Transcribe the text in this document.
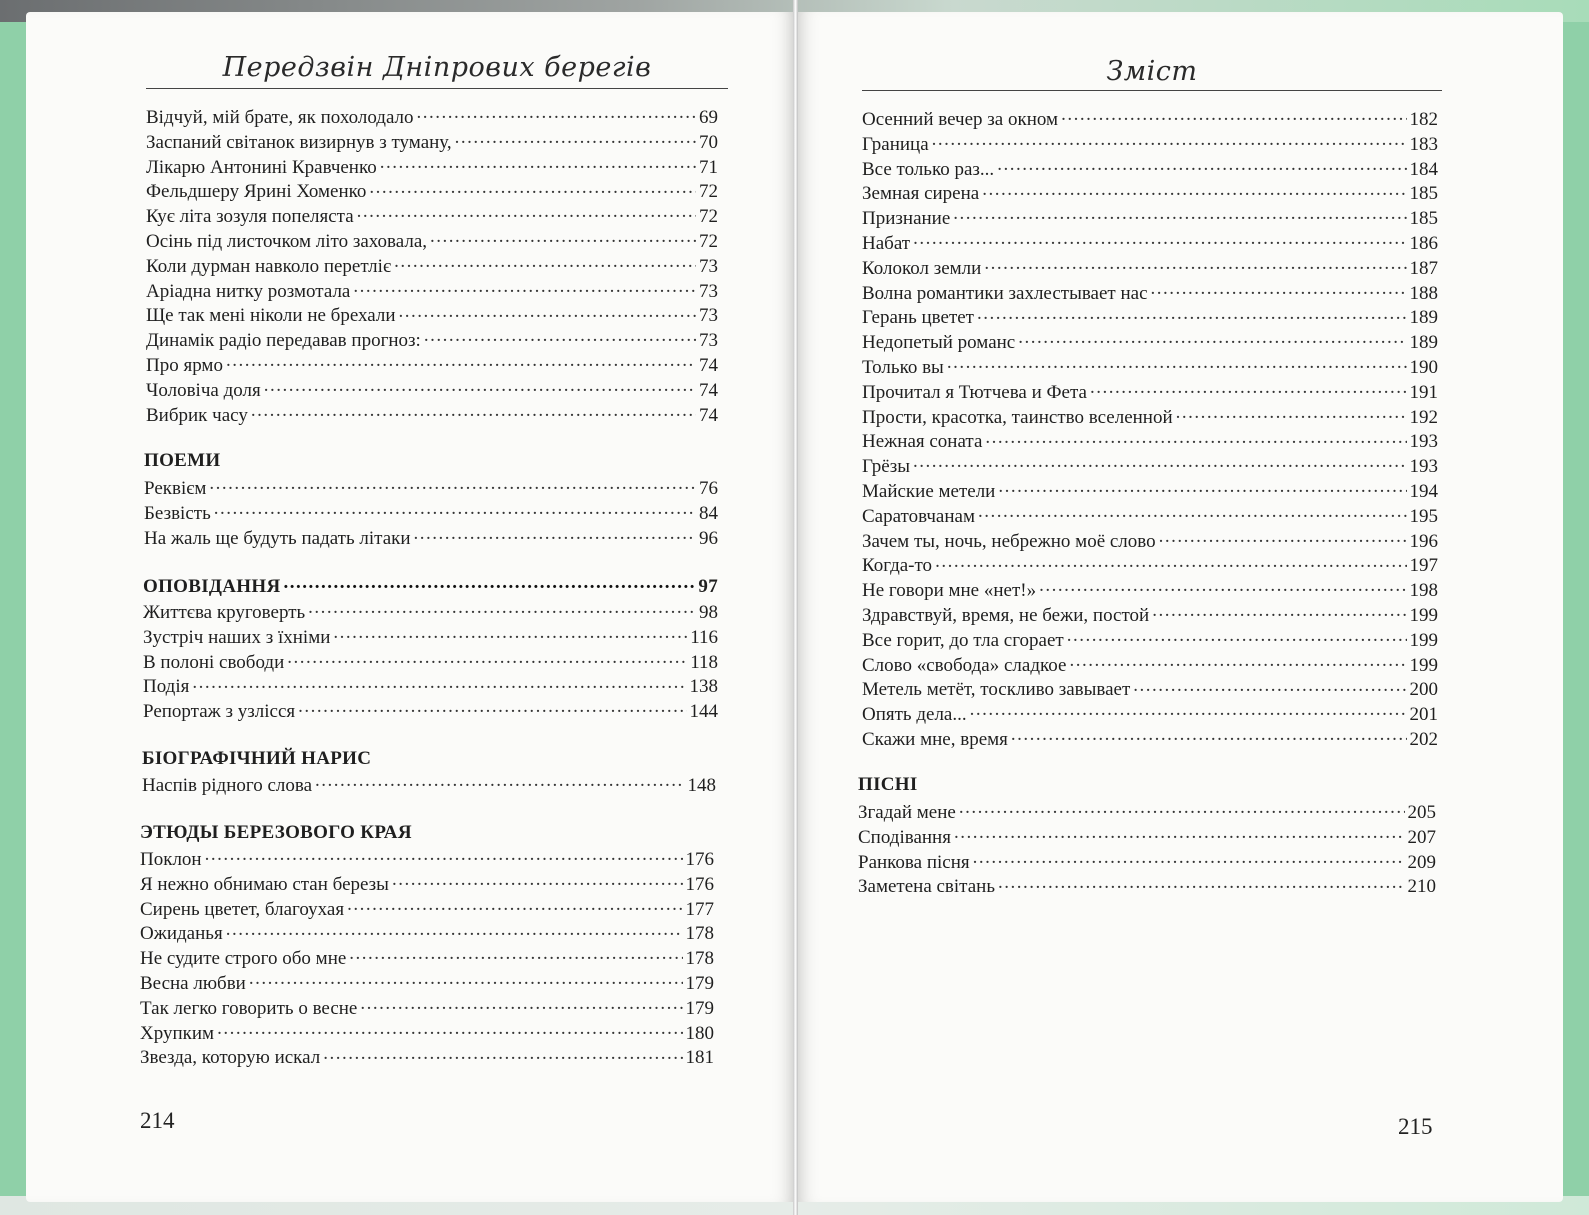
Передзвін Дніпрових берегів
Відчуй, мій брате, як похолодало .....	69
Заспаний світанок визирнув з туману, .....	70
Лікарю Антонині Кравченко .....	71
Фельдшеру Ярині Хоменко .....	72
Кує літа зозуля попеляста .....	72
Осінь під листочком літо заховала, .....	72
Коли дурман навколо перетліє .....	73
Аріадна нитку розмотала .....	73
Ще так мені ніколи не брехали .....	73
Динамік радіо передавав прогноз: .....	73
Про ярмо .....	74
Чоловіча доля .....	74
Вибрик часу .....	74
ПОЕМИ
Реквієм .....	76
Безвість .....	84
На жаль ще будуть падать літаки .....	96
ОПОВІДАННЯ .....	97
Життєва круговерть .....	98
Зустріч наших з їхніми .....	116
В полоні свободи .....	118
Подія .....	138
Репортаж з узлісся .....	144
БІОГРАФІЧНИЙ НАРИС
Наспів рідного слова .....	148
ЭТЮДЫ БЕРЕЗОВОГО КРАЯ
Поклон .....	176
Я нежно обнимаю стан березы .....	176
Сирень цветет, благоухая .....	177
Ожиданья .....	178
Не судите строго обо мне .....	178
Весна любви .....	179
Так легко говорить о весне .....	179
Хрупким .....	180
Звезда, которую искал .....	181
214
Зміст
Осенний вечер за окном .....	182
Граница .....	183
Все только раз... .....	184
Земная сирена .....	185
Признание .....	185
Набат .....	186
Колокол земли .....	187
Волна романтики захлестывает нас .....	188
Герань цветет .....	189
Недопетый романс .....	189
Только вы .....	190
Прочитал я Тютчева и Фета .....	191
Прости, красотка, таинство вселенной .....	192
Нежная соната .....	193
Грёзы .....	193
Майские метели .....	194
Саратовчанам .....	195
Зачем ты, ночь, небрежно моё слово .....	196
Когда-то .....	197
Не говори мне «нет!» .....	198
Здравствуй, время, не бежи, постой .....	199
Все горит, до тла сгорает .....	199
Слово «свобода» сладкое .....	199
Метель метёт, тоскливо завывает .....	200
Опять дела... .....	201
Скажи мне, время .....	202
ПІСНІ
Згадай мене .....	205
Сподівання .....	207
Ранкова пісня .....	209
Заметена світань .....	210
215
